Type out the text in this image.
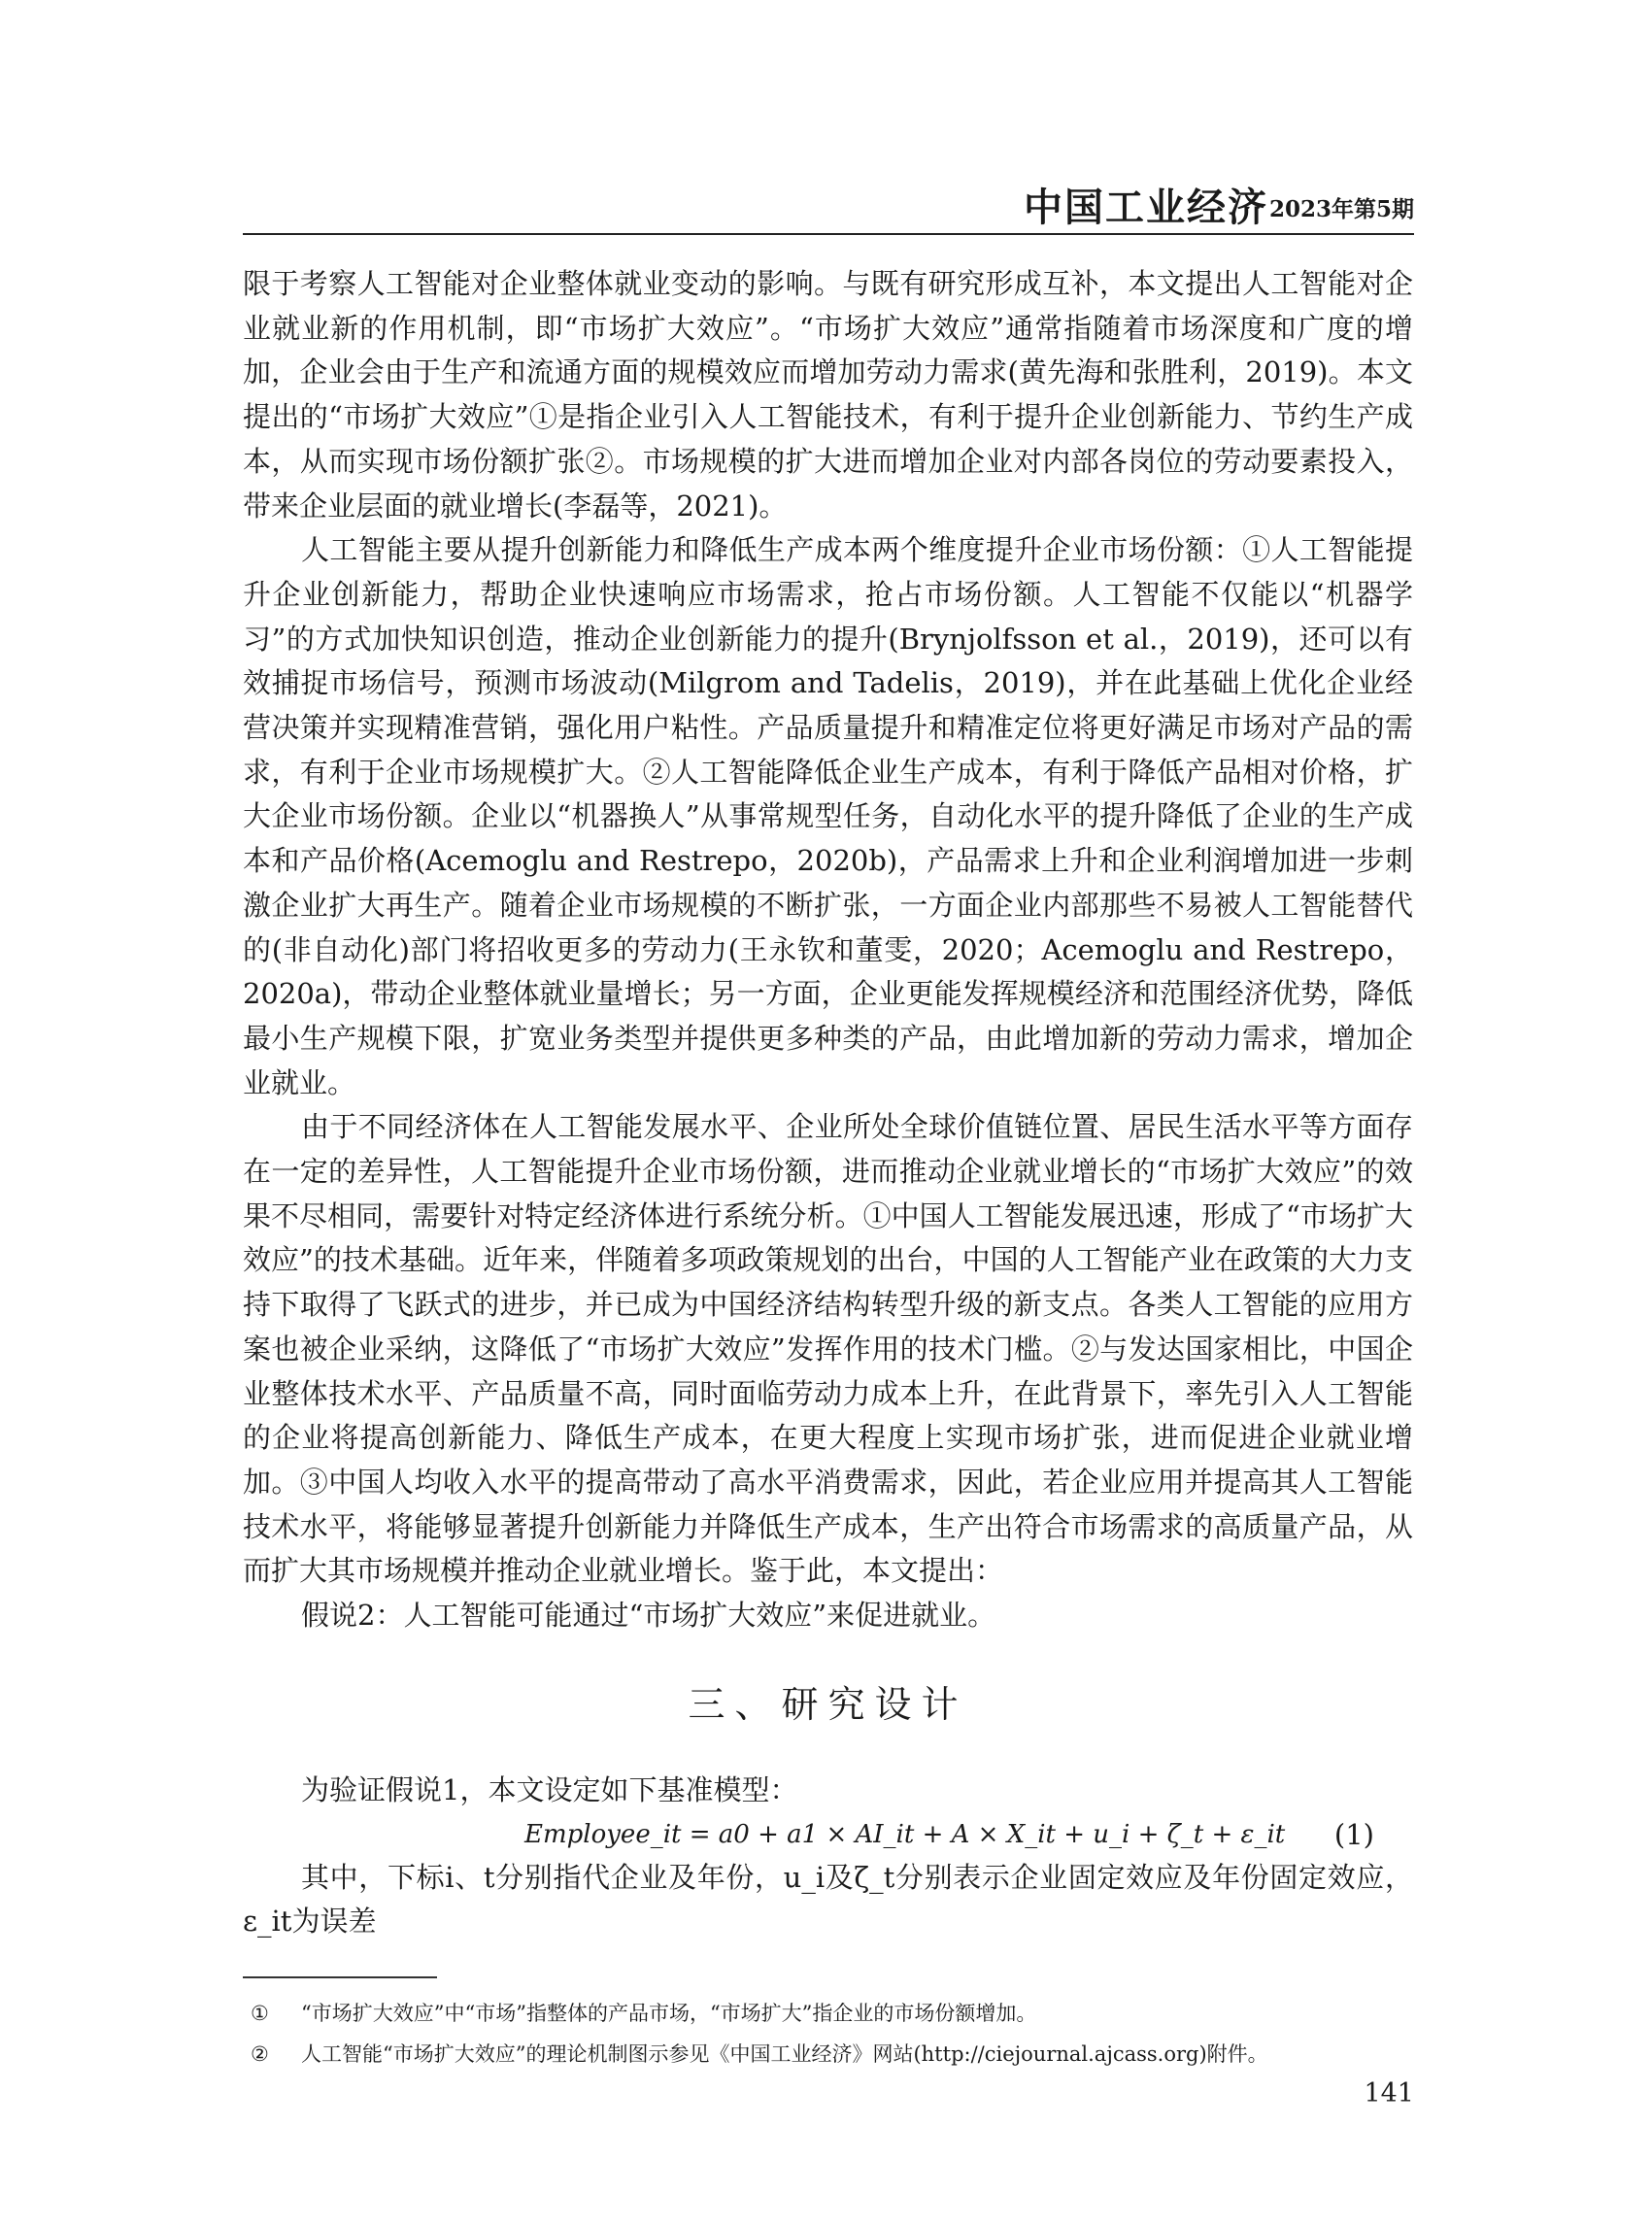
中国工业经济 2023年第5期

限于考察人工智能对企业整体就业变动的影响。与既有研究形成互补，本文提出人工智能对企业就业新的作用机制，即“市场扩大效应”。“市场扩大效应”通常指随着市场深度和广度的增加，企业会由于生产和流通方面的规模效应而增加劳动力需求(黄先海和张胜利，2019)。本文提出的“市场扩大效应”①是指企业引入人工智能技术，有利于提升企业创新能力、节约生产成本，从而实现市场份额扩张②。市场规模的扩大进而增加企业对内部各岗位的劳动要素投入，带来企业层面的就业增长(李磊等，2021)。

人工智能主要从提升创新能力和降低生产成本两个维度提升企业市场份额：①人工智能提升企业创新能力，帮助企业快速响应市场需求，抢占市场份额。人工智能不仅能以“机器学习”的方式加快知识创造，推动企业创新能力的提升(Brynjolfsson et al.，2019)，还可以有效捕捉市场信号，预测市场波动(Milgrom and Tadelis，2019)，并在此基础上优化企业经营决策并实现精准营销，强化用户粘性。产品质量提升和精准定位将更好满足市场对产品的需求，有利于企业市场规模扩大。②人工智能降低企业生产成本，有利于降低产品相对价格，扩大企业市场份额。企业以“机器换人”从事常规型任务，自动化水平的提升降低了企业的生产成本和产品价格(Acemoglu and Restrepo，2020b)，产品需求上升和企业利润增加进一步刺激企业扩大再生产。随着企业市场规模的不断扩张，一方面企业内部那些不易被人工智能替代的(非自动化)部门将招收更多的劳动力(王永钦和董雯，2020；Acemoglu and Restrepo，2020a)，带动企业整体就业量增长；另一方面，企业更能发挥规模经济和范围经济优势，降低最小生产规模下限，扩宽业务类型并提供更多种类的产品，由此增加新的劳动力需求，增加企业就业。

由于不同经济体在人工智能发展水平、企业所处全球价值链位置、居民生活水平等方面存在一定的差异性，人工智能提升企业市场份额，进而推动企业就业增长的“市场扩大效应”的效果不尽相同，需要针对特定经济体进行系统分析。①中国人工智能发展迅速，形成了“市场扩大效应”的技术基础。近年来，伴随着多项政策规划的出台，中国的人工智能产业在政策的大力支持下取得了飞跃式的进步，并已成为中国经济结构转型升级的新支点。各类人工智能的应用方案也被企业采纳，这降低了“市场扩大效应”发挥作用的技术门槛。②与发达国家相比，中国企业整体技术水平、产品质量不高，同时面临劳动力成本上升，在此背景下，率先引入人工智能的企业将提高创新能力、降低生产成本，在更大程度上实现市场扩张，进而促进企业就业增加。③中国人均收入水平的提高带动了高水平消费需求，因此，若企业应用并提高其人工智能技术水平，将能够显著提升创新能力并降低生产成本，生产出符合市场需求的高质量产品，从而扩大其市场规模并推动企业就业增长。鉴于此，本文提出：

假说2：人工智能可能通过“市场扩大效应”来促进就业。

三、研究设计

为验证假说1，本文设定如下基准模型：

Employee_it = a0 + a1 × AI_it + A × X_it + u_i + ζ_t + ε_it (1)

其中，下标i、t分别指代企业及年份，u_i及ζ_t分别表示企业固定效应及年份固定效应，ε_it为误差

① “市场扩大效应”中“市场”指整体的产品市场，“市场扩大”指企业的市场份额增加。

② 人工智能“市场扩大效应”的理论机制图示参见《中国工业经济》网站(http://ciejournal.ajcass.org)附件。

141
